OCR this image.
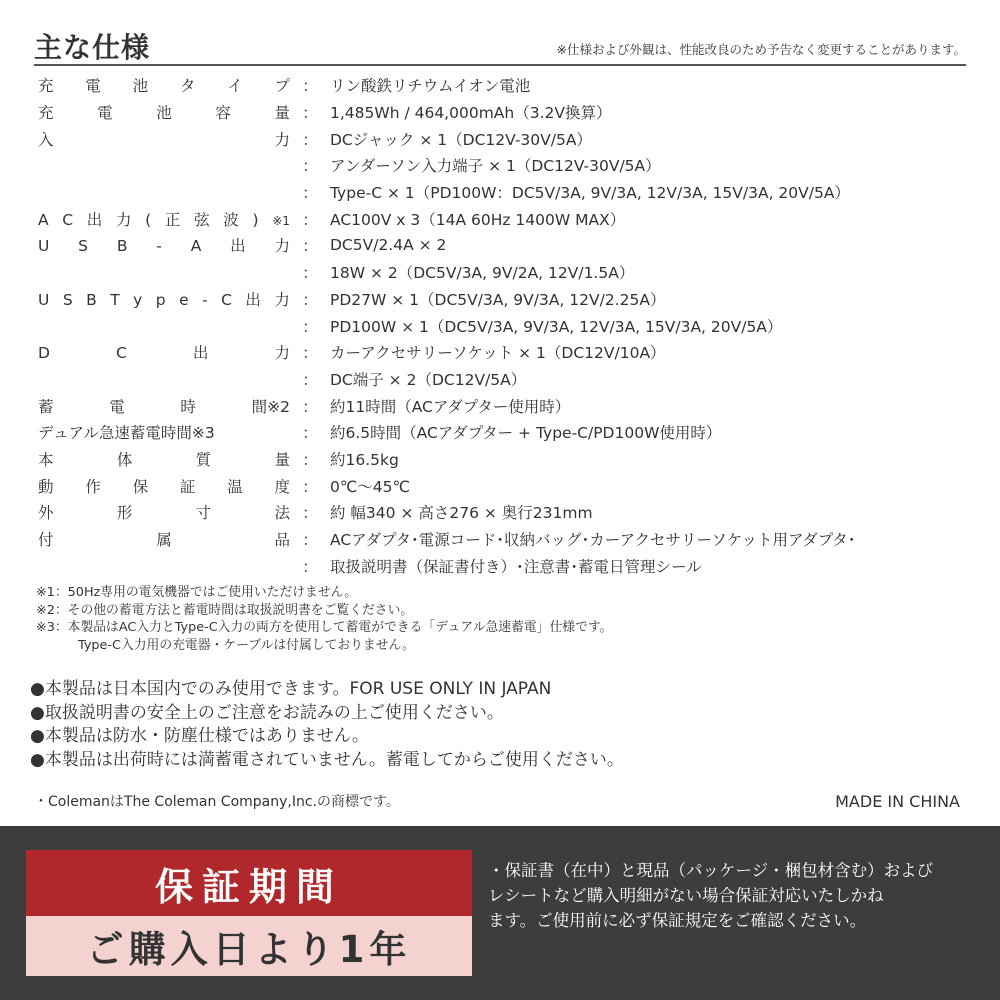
主な仕様	※仕様および外観は、性能改良のため予告なく変更することがあります。
充 電 池 タ イ プ ： リン酸鉄リチウムイオン電池
充	電	池	容	量 ： 1,485Wh / 464,000mAh（3.2V換算）
入	力 ： DCジャック × 1（DC12V-30V/5A）
： アンダーソン入力端子 × 1（DC12V-30V/5A）
： Type-C × 1（PD100W：DC5V/3A, 9V/3A, 12V/3A, 15V/3A, 20V/5A）
A C 出 力 ( 正 弦 波 ) ※1 ： AC100V x 3（14A 60Hz 1400W MAX）
U S B - A 出 力 ： DC5V/2.4A × 2
： 18W × 2（DC5V/3A, 9V/2A, 12V/1.5A）
U S B T y p e - C 出 力 ： PD27W × 1（DC5V/3A, 9V/3A, 12V/2.25A）
： PD100W × 1（DC5V/3A, 9V/3A, 12V/3A, 15V/3A, 20V/5A）
D	C	出	力 ： カーアクセサリーソケット × 1（DC12V/10A）
： DC端子 × 2（DC12V/5A）
蓄	電	時	間※2 ： 約11時間（ACアダプター使用時）
デュアル急速蓄電時間※3	： 約6.5時間（ACアダプター + Type-C/PD100W使用時）
本	体	質	量 ： 約16.5kg
動 作 保 証 温 度 ： 0℃～45℃
外	形	寸	法 ： 約 幅340 × 高さ276 × 奥行231mm
付	属	品 ： ACアダプタ･電源コード･収納バッグ･カーアクセサリーソケット用アダプタ･
： 取扱説明書（保証書付き）･注意書･蓄電日管理シール
※1：50Hz専用の電気機器ではご使用いただけません。
※2：その他の蓄電方法と蓄電時間は取扱説明書をご覧ください。
※3：本製品はAC入力とType-C入力の両方を使用して蓄電ができる「デュアル急速蓄電」仕様です。
Type-C入力用の充電器・ケーブルは付属しておりません。
●本製品は日本国内でのみ使用できます。FOR USE ONLY IN JAPAN
●取扱説明書の安全上のご注意をお読みの上ご使用ください。
●本製品は防水・防塵仕様ではありません。
●本製品は出荷時には満蓄電されていません。蓄電してからご使用ください。
・ColemanはThe Coleman Company,Inc.の商標です。	MADE IN CHINA
保証期間
ご購入日より1年
・保証書（在中）と現品（パッケージ・梱包材含む）および
レシートなど購入明細がない場合保証対応いたしかね
ます。ご使用前に必ず保証規定をご確認ください。
